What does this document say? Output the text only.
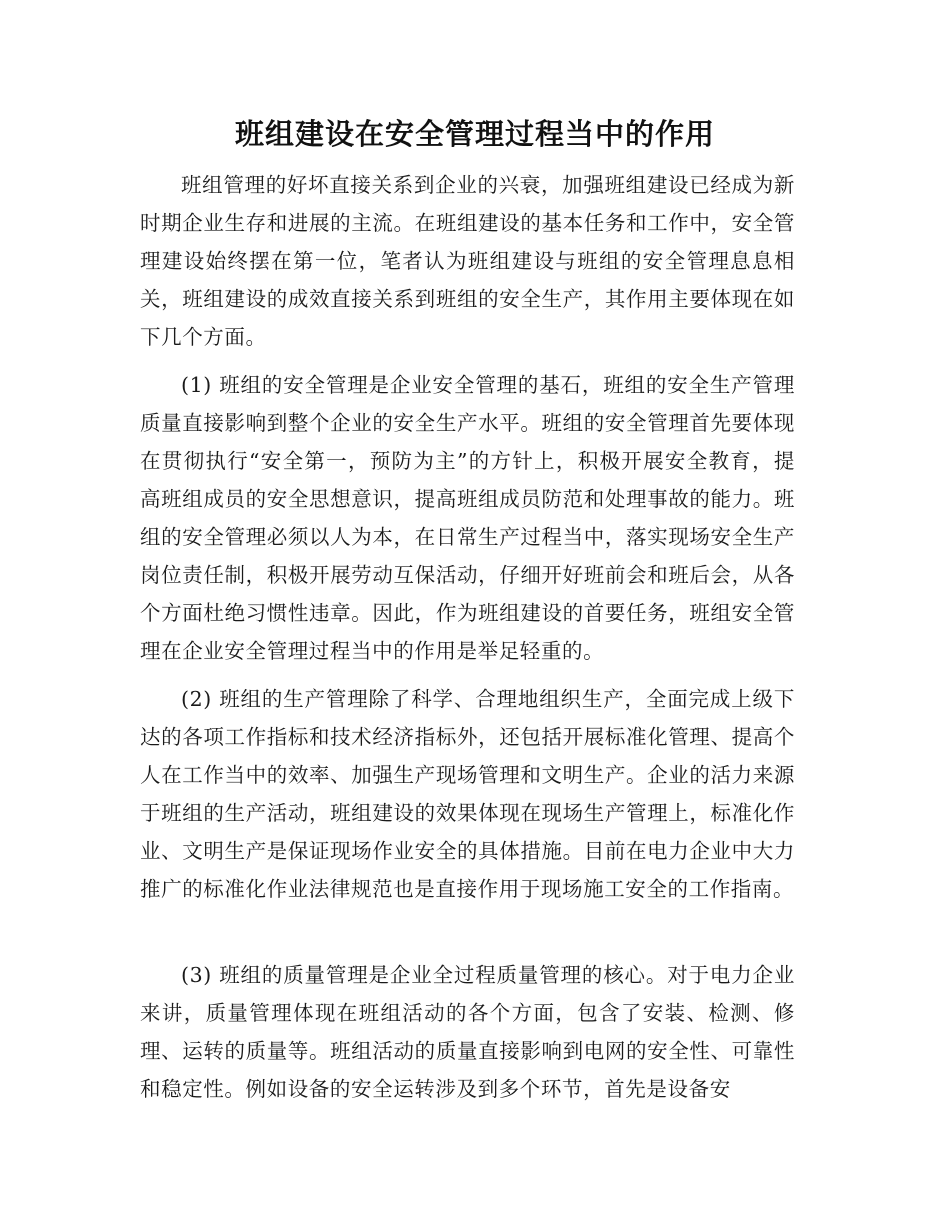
班组建设在安全管理过程当中的作用

班组管理的好坏直接关系到企业的兴衰，加强班组建设已经成为新时期企业生存和进展的主流。在班组建设的基本任务和工作中，安全管理建设始终摆在第一位，笔者认为班组建设与班组的安全管理息息相关，班组建设的成效直接关系到班组的安全生产，其作用主要体现在如下几个方面。

(1) 班组的安全管理是企业安全管理的基石，班组的安全生产管理质量直接影响到整个企业的安全生产水平。班组的安全管理首先要体现在贯彻执行“安全第一，预防为主”的方针上，积极开展安全教育，提高班组成员的安全思想意识，提高班组成员防范和处理事故的能力。班组的安全管理必须以人为本，在日常生产过程当中，落实现场安全生产岗位责任制，积极开展劳动互保活动，仔细开好班前会和班后会，从各个方面杜绝习惯性违章。因此，作为班组建设的首要任务，班组安全管理在企业安全管理过程当中的作用是举足轻重的。

(2) 班组的生产管理除了科学、合理地组织生产，全面完成上级下达的各项工作指标和技术经济指标外，还包括开展标准化管理、提高个人在工作当中的效率、加强生产现场管理和文明生产。企业的活力来源于班组的生产活动，班组建设的效果体现在现场生产管理上，标准化作业、文明生产是保证现场作业安全的具体措施。目前在电力企业中大力推广的标准化作业法律规范也是直接作用于现场施工安全的工作指南。

(3) 班组的质量管理是企业全过程质量管理的核心。对于电力企业来讲，质量管理体现在班组活动的各个方面，包含了安装、检测、修理、运转的质量等。班组活动的质量直接影响到电网的安全性、可靠性和稳定性。例如设备的安全运转涉及到多个环节，首先是设备安
